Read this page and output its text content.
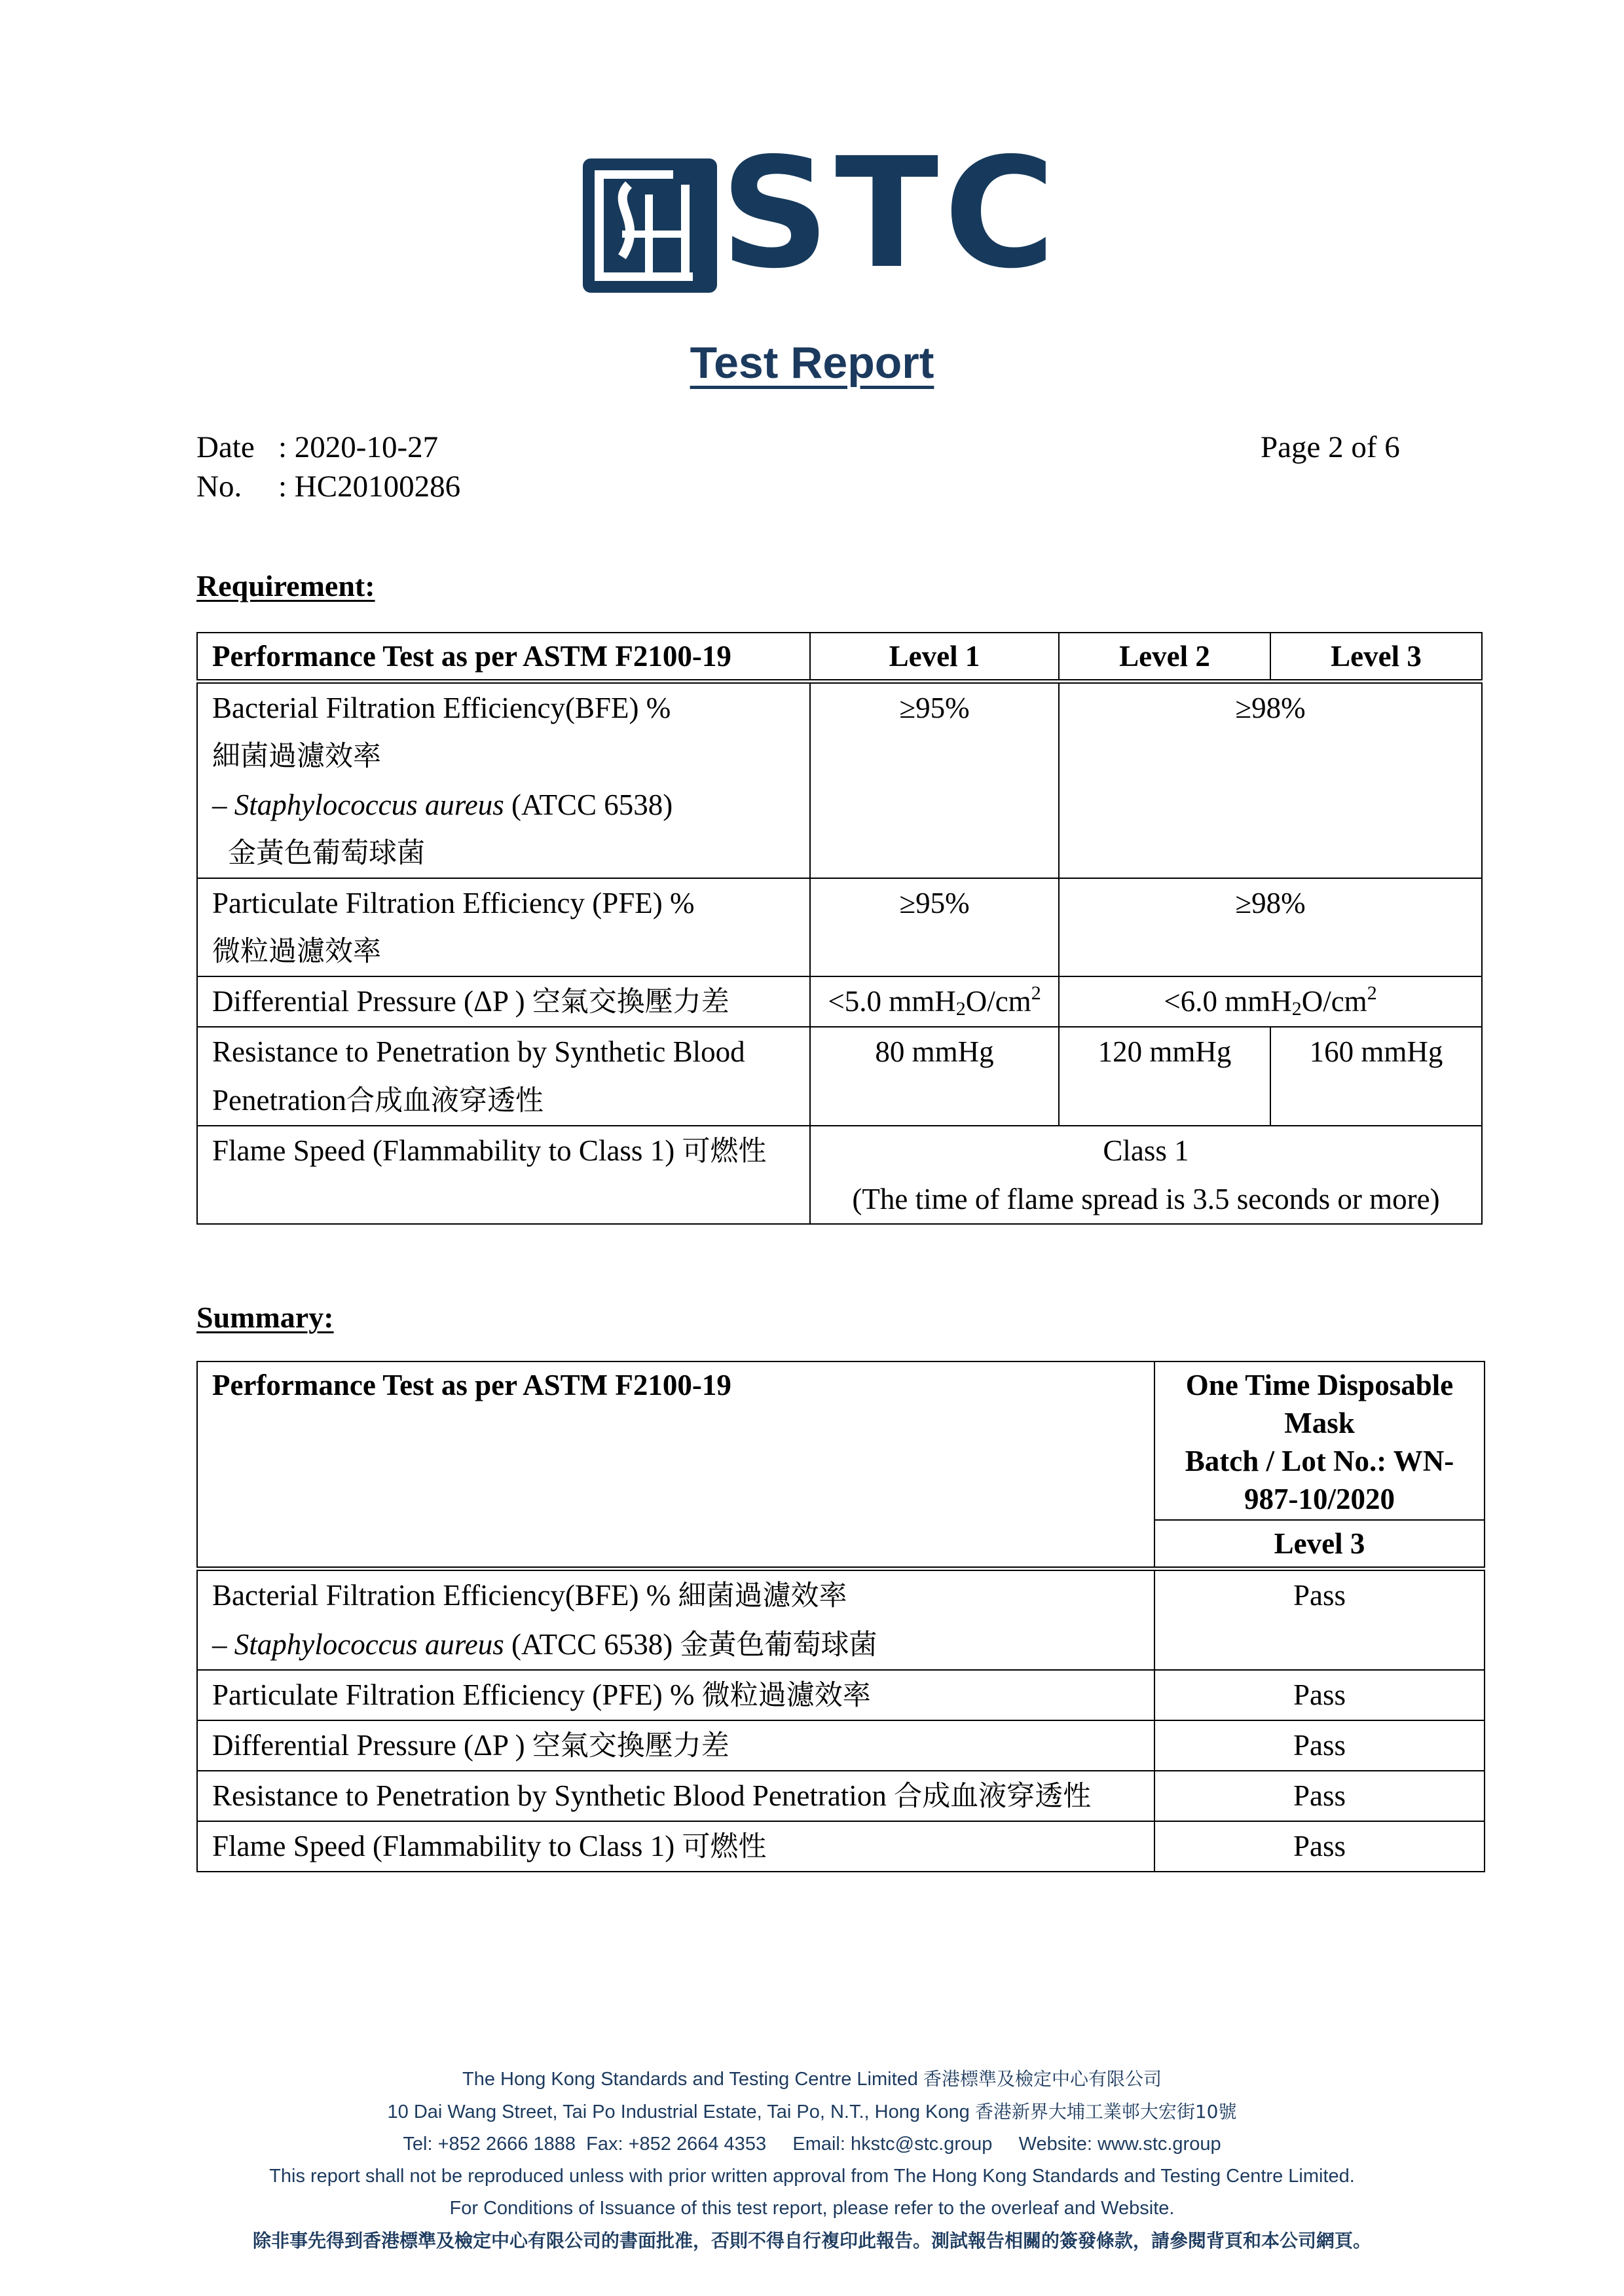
STC
Test Report
Date : 2020-10-27
No. : HC20100286
Page 2 of 6
Requirement:
Performance Test as per ASTM F2100-19	Level 1	Level 2	Level 3

Bacterial Filtration Efficiency(BFE) %
細菌過濾效率
– Staphylococcus aureus (ATCC 6538)
金黃色葡萄球菌	≥95%	≥98%	

Particulate Filtration Efficiency (PFE) %
微粒過濾效率	≥95%	≥98%	
Differential Pressure (ΔP ) 空氣交換壓力差	<5.0 $mmH_2O/cm^2$	<6.0 $mmH_2O/cm^2$

Resistance to Penetration by Synthetic Blood
Penetration合成血液穿透性	80 mmHg	120 mmHg	160 mmHg
Flame Speed (Flammability to Class 1) 可燃性	Class 1
(The time of flame spread is 3.5 seconds or more)		
Summary:
Performance Test as per ASTM F2100-19	One Time Disposable
Mask
Batch / Lot No.: WN-
987-10/2020

	Level 3

Bacterial Filtration Efficiency(BFE) % 細菌過濾效率
– Staphylococcus aureus (ATCC 6538) 金黃色葡萄球菌	Pass
Particulate Filtration Efficiency (PFE) % 微粒過濾效率	Pass
Differential Pressure (ΔP ) 空氣交換壓力差	Pass
Resistance to Penetration by Synthetic Blood Penetration 合成血液穿透性	Pass
Flame Speed (Flammability to Class 1) 可燃性	Pass
The Hong Kong Standards and Testing Centre Limited 香港標準及檢定中心有限公司
10 Dai Wang Street, Tai Po Industrial Estate, Tai Po, N.T., Hong Kong 香港新界大埔工業邨大宏街10號
Tel: +852 2666 1888  Fax: +852 2664 4353     Email: hkstc@stc.group     Website: www.stc.group
This report shall not be reproduced unless with prior written approval from The Hong Kong Standards and Testing Centre Limited.
For Conditions of Issuance of this test report, please refer to the overleaf and Website.
除非事先得到香港標準及檢定中心有限公司的書面批准，否則不得自行複印此報告。測試報告相關的簽發條款，請參閱背頁和本公司網頁。
